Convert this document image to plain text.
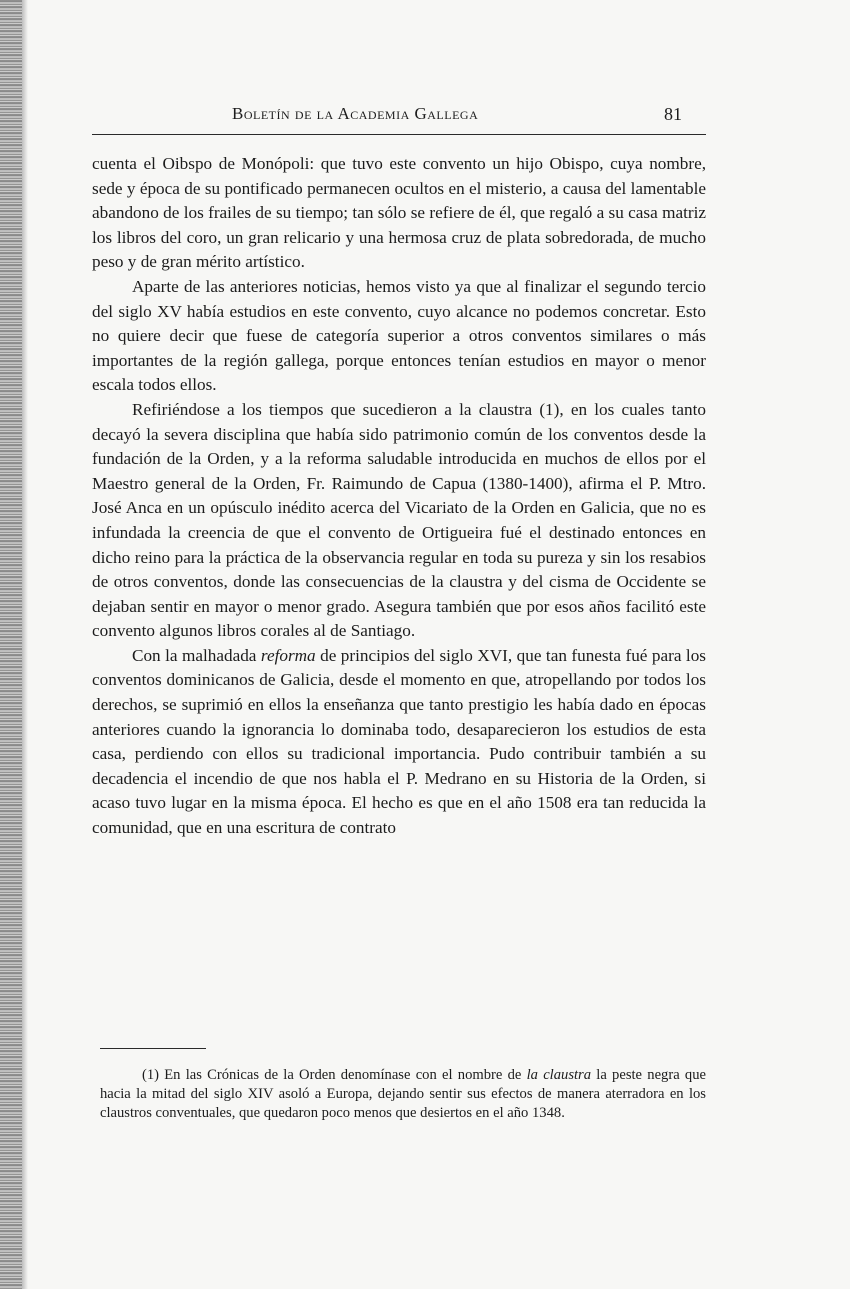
Boletín de la Academia Gallega	81

cuenta el Oibspo de Monópoli: que tuvo este convento un hijo Obispo, cuya nombre, sede y época de su pontificado permanecen ocultos en el misterio, a causa del lamentable abandono de los frailes de su tiempo; tan sólo se refiere de él, que regaló a su casa matriz los libros del coro, un gran relicario y una hermosa cruz de plata sobredorada, de mucho peso y de gran mérito artístico.

Aparte de las anteriores noticias, hemos visto ya que al finalizar el segundo tercio del siglo XV había estudios en este convento, cuyo alcance no podemos concretar. Esto no quiere decir que fuese de categoría superior a otros conventos similares o más importantes de la región gallega, porque entonces tenían estudios en mayor o menor escala todos ellos.

Refiriéndose a los tiempos que sucedieron a la claustra (1), en los cuales tanto decayó la severa disciplina que había sido patrimonio común de los conventos desde la fundación de la Orden, y a la reforma saludable introducida en muchos de ellos por el Maestro general de la Orden, Fr. Raimundo de Capua (1380-1400), afirma el P. Mtro. José Anca en un opúsculo inédito acerca del Vicariato de la Orden en Galicia, que no es infundada la creencia de que el convento de Ortigueira fué el destinado entonces en dicho reino para la práctica de la observancia regular en toda su pureza y sin los resabios de otros conventos, donde las consecuencias de la claustra y del cisma de Occidente se dejaban sentir en mayor o menor grado. Asegura también que por esos años facilitó este convento algunos libros corales al de Santiago.

Con la malhadada reforma de principios del siglo XVI, que tan funesta fué para los conventos dominicanos de Galicia, desde el momento en que, atropellando por todos los derechos, se suprimió en ellos la enseñanza que tanto prestigio les había dado en épocas anteriores cuando la ignorancia lo dominaba todo, desaparecieron los estudios de esta casa, perdiendo con ellos su tradicional importancia. Pudo contribuir también a su decadencia el incendio de que nos habla el P. Medrano en su Historia de la Orden, si acaso tuvo lugar en la misma época. El hecho es que en el año 1508 era tan reducida la comunidad, que en una escritura de contrato

(1) En las Crónicas de la Orden denomínase con el nombre de la claustra la peste negra que hacia la mitad del siglo XIV asoló a Europa, dejando sentir sus efectos de manera aterradora en los claustros conventuales, que quedaron poco menos que desiertos en el año 1348.
